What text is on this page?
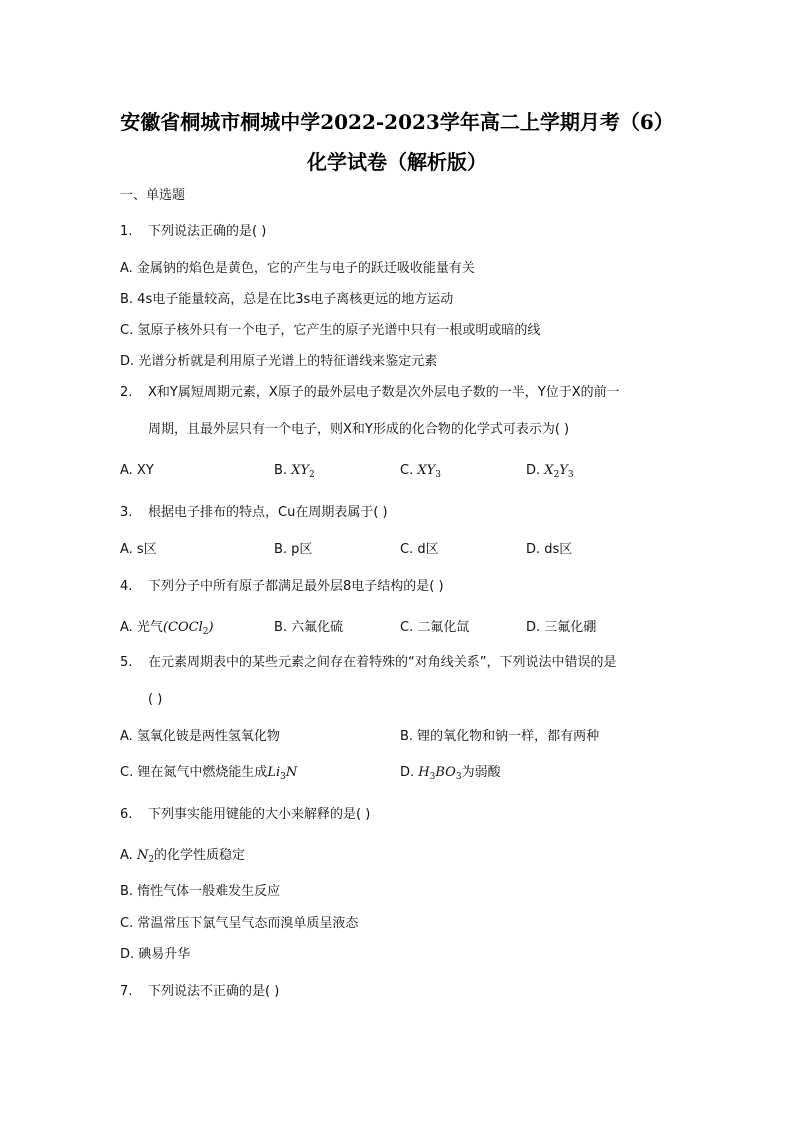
安徽省桐城市桐城中学2022-2023学年高二上学期月考（6）
化学试卷（解析版）
一、单选题
1. 下列说法正确的是( )
A. 金属钠的焰色是黄色，它的产生与电子的跃迁吸收能量有关
B. 4s电子能量较高，总是在比3s电子离核更远的地方运动
C. 氢原子核外只有一个电子，它产生的原子光谱中只有一根或明或暗的线
D. 光谱分析就是利用原子光谱上的特征谱线来鉴定元素
2. X和Y属短周期元素，X原子的最外层电子数是次外层电子数的一半，Y位于X的前一
周期，且最外层只有一个电子，则X和Y形成的化合物的化学式可表示为( )
A. XY	B. $XY_2$	C. $XY_3$	D. $X_2Y_3$
3. 根据电子排布的特点，Cu在周期表属于( )
A. s区	B. p区	C. d区	D. ds区
4. 下列分子中所有原子都满足最外层8电子结构的是( )
A. 光气(COCl$_2$)	B. 六氟化硫	C. 二氟化氙	D. 三氟化硼
5. 在元素周期表中的某些元素之间存在着特殊的“对角线关系”，下列说法中错误的是
( )
A. 氢氧化铍是两性氢氧化物	B. 锂的氧化物和钠一样，都有两种
C. 锂在氮气中燃烧能生成$Li_3N$	D. $H_3BO_3$为弱酸
6. 下列事实能用键能的大小来解释的是( )
A. $N_2$的化学性质稳定
B. 惰性气体一般难发生反应
C. 常温常压下氯气呈气态而溴单质呈液态
D. 碘易升华
7. 下列说法不正确的是( )
